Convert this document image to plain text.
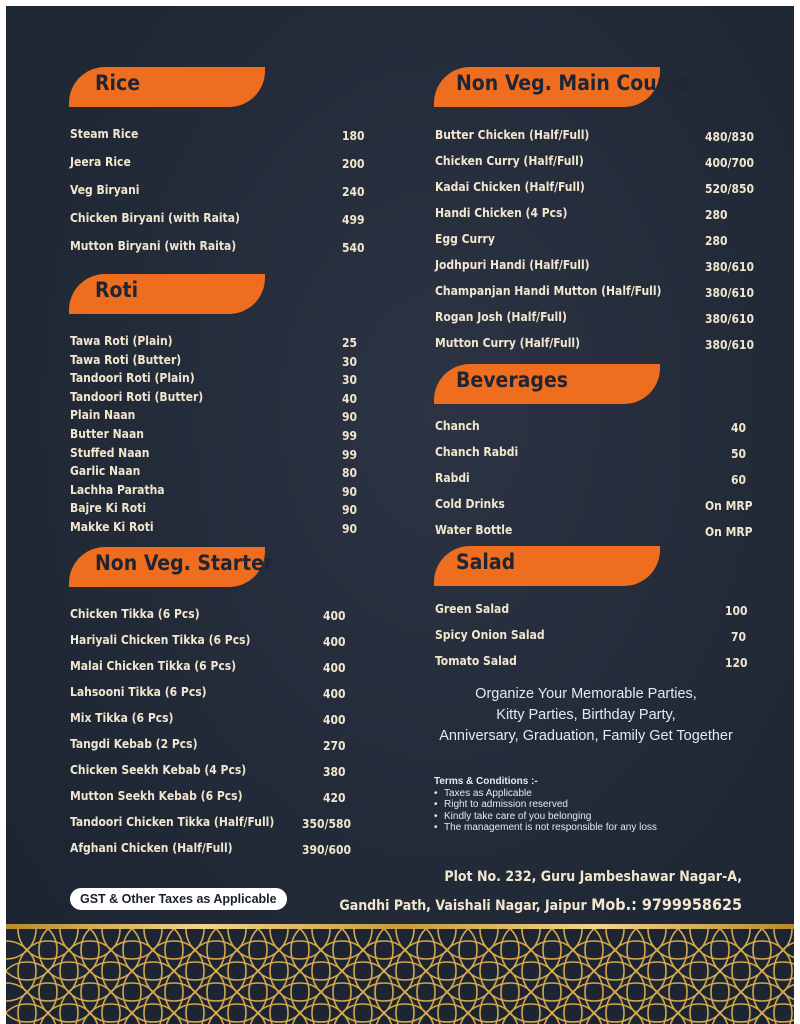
Rice
Steam Rice	180
Jeera Rice	200
Veg Biryani	240
Chicken Biryani (with Raita)	499
Mutton Biryani (with Raita)	540
Roti
Tawa Roti (Plain)	25
Tawa Roti (Butter)	30
Tandoori Roti (Plain)	30
Tandoori Roti (Butter)	40
Plain Naan	90
Butter Naan	99
Stuffed Naan	99
Garlic Naan	80
Lachha Paratha	90
Bajre Ki Roti	90
Makke Ki Roti	90
Non Veg. Starter
Chicken Tikka (6 Pcs)	400
Hariyali Chicken Tikka (6 Pcs)	400
Malai Chicken Tikka (6 Pcs)	400
Lahsooni Tikka (6 Pcs)	400
Mix Tikka (6 Pcs)	400
Tangdi Kebab (2 Pcs)	270
Chicken Seekh Kebab (4 Pcs)	380
Mutton Seekh Kebab (6 Pcs)	420
Tandoori Chicken Tikka (Half/Full) 350/580
Afghani Chicken (Half/Full)	390/600
Non Veg. Main Course
Butter Chicken (Half/Full)	480/830
Chicken Curry (Half/Full)	400/700
Kadai Chicken (Half/Full)	520/850
Handi Chicken (4 Pcs)	280
Egg Curry	280
Jodhpuri Handi (Half/Full)	380/610
Champanjan Handi Mutton (Half/Full)	380/610
Rogan Josh (Half/Full)	380/610
Mutton Curry (Half/Full)	380/610
Beverages
Chanch	40
Chanch Rabdi	50
Rabdi	60
Cold Drinks	On MRP
Water Bottle	On MRP
Salad
Green Salad	100
Spicy Onion Salad	70
Tomato Salad	120
Organize Your Memorable Parties,
Kitty Parties, Birthday Party,
Anniversary, Graduation, Family Get Together
Terms & Conditions :-
• Taxes as Applicable
• Right to admission reserved
• Kindly take care of you belonging
• The management is not responsible for any loss
Plot No. 232, Guru Jambeshawar Nagar-A,
Gandhi Path, Vaishali Nagar, Jaipur Mob.: 9799958625
GST & Other Taxes as Applicable
